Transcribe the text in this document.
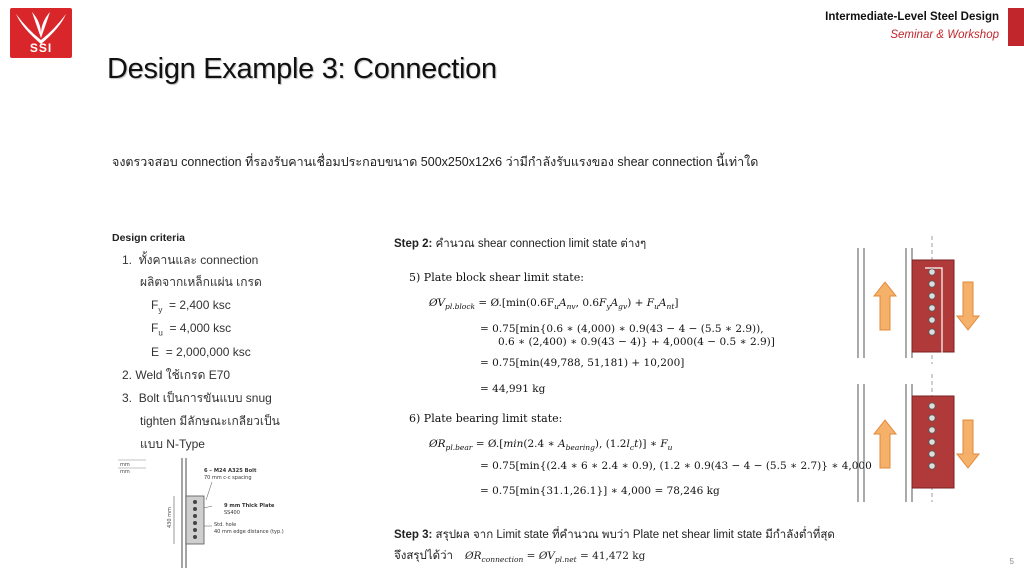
SSI
Intermediate-Level Steel Design
Seminar & Workshop
Design Example 3: Connection
จงตรวจสอบ connection ที่รองรับคานเชื่อมประกอบขนาด 500x250x12x6 ว่ามีกำลังรับแรงของ shear connection นี้เท่าใด
Design criteria
1. ทั้งคานและ connection
ผลิตจากเหล็กแผ่น เกรด
$F_y = 2,400$ ksc
$F_u = 4,000$ ksc
E = 2,000,000 ksc
2. Weld ใช้เกรด E70
3. Bolt เป็นการขันแบบ snug
tighten มีลักษณะเกลียวเป็น
แบบ N-Type
mm
mm
430 mm
6 – M24 A325 Bolt
70 mm c-c spacing
9 mm Thick Plate
SS400
Std. hole
40 mm edge distance (typ.)
Step 2: คำนวณ shear connection limit state ต่างๆ
5) Plate block shear limit state:
$ØV_{pl.block}$ = $Ø.[\min(0.6F_uA_{nv}$, $0.6F_yA_{gv}) + F_uA_{nt}$]
= 0.75[min{0.6 ∗ (4,000) ∗ 0.9(43 − 4 − (5.5 ∗ 2.9)),
0.6 ∗ (2,400) ∗ 0.9(43 − 4)} + 4,000(4 − 0.5 ∗ 2.9)]
= 0.75[min(49,788, 51,181) + 10,200]
= 44,991 kg
6) Plate bearing limit state:
$ØR_{pl.bear}$ = Ø.[min(2.4 ∗ $A_{bearing}$), $(1.2l_ct)$] ∗ $F_u$
= 0.75[min{(2.4 ∗ 6 ∗ 2.4 ∗ 0.9), (1.2 ∗ 0.9(43 − 4 − (5.5 ∗ 2.7)} ∗ 4,000
= 0.75[min{31.1,26.1}] ∗ 4,000 = 78,246 kg
Step 3: สรุปผล จาก Limit state ที่คำนวณ พบว่า Plate net shear limit state มีกำลังต่ำที่สุด
จึงสรุปได้ว่า $ØR_{connection}$ = $ØV_{pl.net} = 41,472$ kg	5
